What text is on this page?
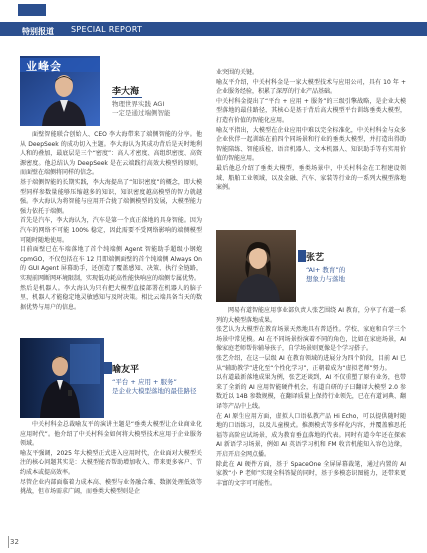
特别报道 SPECIAL REPORT
业峰会
李大海
物理世界实践 AGI
一定是通过端侧智能
面壁智能联合创始人、CEO 李大海带来了端侧智能的分享。他从 DeepSeek 的成功切入主题。李大海认为其成功背后是天时地利人和的叠加，最底层是三个“密度”：高人才密度、高组织密度、高资源密度。他总结认为 DeepSeek 是在云端践行高效大模型的原则，而面壁在端侧将同样的信念。
基于端侧智能的长期实践，李大海提出了“知识密度”的概念，即大模型同样参数量能够压缩越多的知识，知识密度越高模型的智力就越强。李大海认为将智能与应用开合拢了端侧模型的发展，大模型能力强力依托于端侧。
首先是汽车，李大海认为，汽车是第一个真正落地的具身智能。因为汽车的网络不可能 100% 稳定，因此需要不受网络影响的端侧模型可随时随地使用。
目前面壁已在车端落地了首个纯端侧 Agent 智能助手超级小钢炮 cpmGO，不仅包括在车 12 月即端侧面壁的首个纯端侧 Always On 的 GUI Agent 屏幕助手，还创造了覆盖感知、决策、执行全链路，实现前网断网环境限制，实现低功耗高性能快响应的端侧专属优势。
然后是机器人。李大海认为只有把大模型直接部署在机器人的脑子里，机器人才能稳定地灵敏感知与及时决策。相比云端具备当天的数据优势与用户的信息。
喻友平
“平台 + 应用 + 服务”
是企业大模型落地的最佳路径
中关村科金总裁喻友平的演讲主题是“垂类大模型让企业商业化应用时代”。他介绍了中关村科金如何将大模型技术应用于企业服务领域。
喻友平强调，2025 年大模型正式进入应用时代，企业面对大模型关注的核心问题其实是：大模型能否帮助增加收入、带来更多客户、节约成本或提高效率。
尽管企业内部面临着力成本高、模型与业务融合难、数据处理低效等挑战，但市场需求广阔，而垂类大模型则是企
业突围的关键。
喻友平介绍，中关村科金是一家大模型技术与应用公司，具有 10 年 + 企业服务经验，积累了深厚的行业产品基础。
中关村科金提出了“平台 + 应用 + 服务”的三级引擎战略，是企业大模型落地的最佳路径，其核心是基于背后高大模型平台训练垂类大模型，打造有价值的智能化应用。
喻友平指出，大模型在企业应用中难以完全标准化，中关村科金与众多企业伙伴一起训练在前四个同场景和行业的垂类大模型，并打造出得助智能陪练、智能质检、语音机器人、文本机器人、知识助手等有实用价值的智能应用。
最后他总介绍了垂类大模型，垂类场景中，中关村科金在工程建设领域、船舶工业领域，以及金融、汽车、家装等行业的一系列大模型落地案例。
张艺
“AI+ 教育”的
想象力与落地
网易有道智能应用事业部负责人张艺围绕 AI 教育，分享了有道一系列的大模型落地成果。
张艺认为大模型在教育场景天然地具有普适性。学校、家庭和自学三个场景中常见模。AI 在不同场景扮演着不同的角色，比如在家庭场景，AI 像家庭老师帮你辅导孩子，自学场景则更像是个学习搭子。
张艺介绍，在这一层级 AI 在教育领域的进展分为四个阶段，目前 AI 已从“辅助教学”进化至“个性化学习”，正朝着成为“虚拟老师”努力。
以有道最新落地成果为例，张艺还谈到，AI 不仅重塑了原有业务，也带来了全新的 AI 应用智能硬件机会，有道自研的子曰翻译大模型 2.0 参数近以 14B 参数规模，在翻译质量上保持行业领先，已在有道词典、翻译等产品中上线。
在 AI 原生应用方面，虚拟人口语私教产品 Hi Echo，可以提供随时随地的口语练习，以及儿童模式。推测模式等多样化内容，并覆盖雅思托福等高阶应试场景，成为教育垂直落地的代表。同时有道今年还在探索 AI 新语学习场景，例如 AI 英语学习机和 FM 收音机能知入容色边缘，开启开启全网点播。
除此在 AI 硬件方面，基于 SpaceOne 全屏屏幕裁笔，通过内置的 AI 家教“小 P 老师”实现全科答疑的同时，基于多模态识图能力，还带来更丰富的文字可可能性。
32
